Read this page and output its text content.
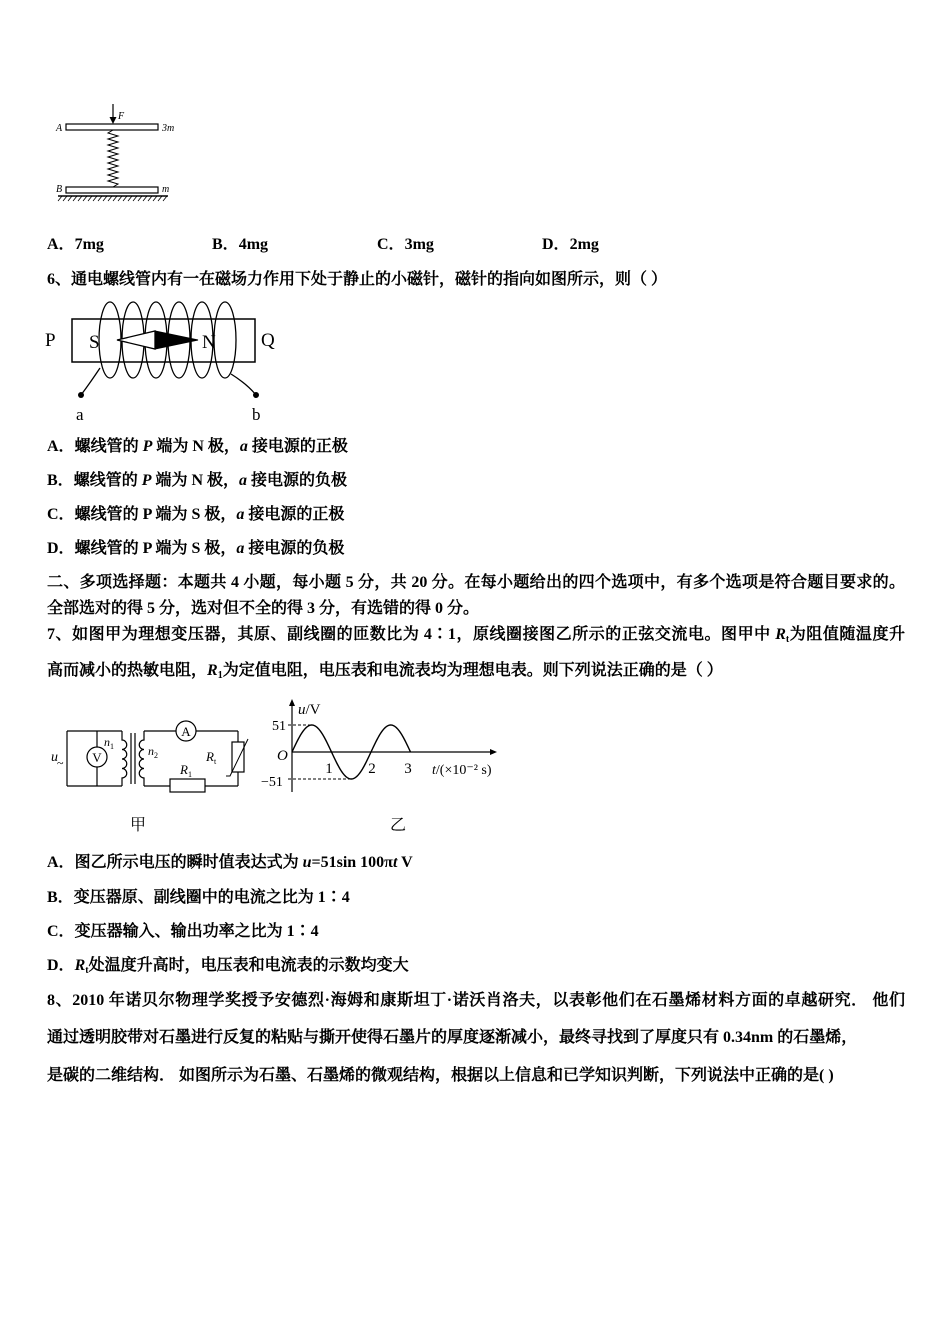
F
A	3m
B	m
A．7mg	B．4mg	C．3mg	D．2mg
6、通电螺线管内有一在磁场力作用下处于静止的小磁针，磁针的指向如图所示，则（ ）
P	Q
S	N
a	b
A．螺线管的 P 端为 N 极，a 接电源的正极
B．螺线管的 P 端为 N 极，a 接电源的负极
C．螺线管的 P 端为 S 极，a 接电源的正极
D．螺线管的 P 端为 S 极，a 接电源的负极
二、多项选择题：本题共 4 小题，每小题 5 分，共 20 分。在每小题给出的四个选项中，有多个选项是符合题目要求的。
全部选对的得 5 分，选对但不全的得 3 分，有选错的得 0 分。
7、如图甲为理想变压器，其原、副线圈的匝数比为 4∶1，原线圈接图乙所示的正弦交流电。图甲中 $R_t$为阻值随温度升
高而减小的热敏电阻，$R_1$为定值电阻，电压表和电流表均为理想电表。则下列说法正确的是（ ）
u ~ V
$n_1$	$n_2$
A
$R_t$
$R_1$
甲
u/V
51
O
−51
1 2 3 t/(×10⁻² s)
乙
A．图乙所示电压的瞬时值表达式为 u=51sin 100πt V
B．变压器原、副线圈中的电流之比为 1∶4
C．变压器输入、输出功率之比为 1∶4
D．$R_t$处温度升高时，电压表和电流表的示数均变大
8、2010 年诺贝尔物理学奖授予安德烈·海姆和康斯坦丁·诺沃肖洛夫，以表彰他们在石墨烯材料方面的卓越研究． 他们
通过透明胶带对石墨进行反复的粘贴与撕开使得石墨片的厚度逐渐减小，最终寻找到了厚度只有 0.34nm 的石墨烯，
是碳的二维结构． 如图所示为石墨、石墨烯的微观结构，根据以上信息和已学知识判断，下列说法中正确的是( )
